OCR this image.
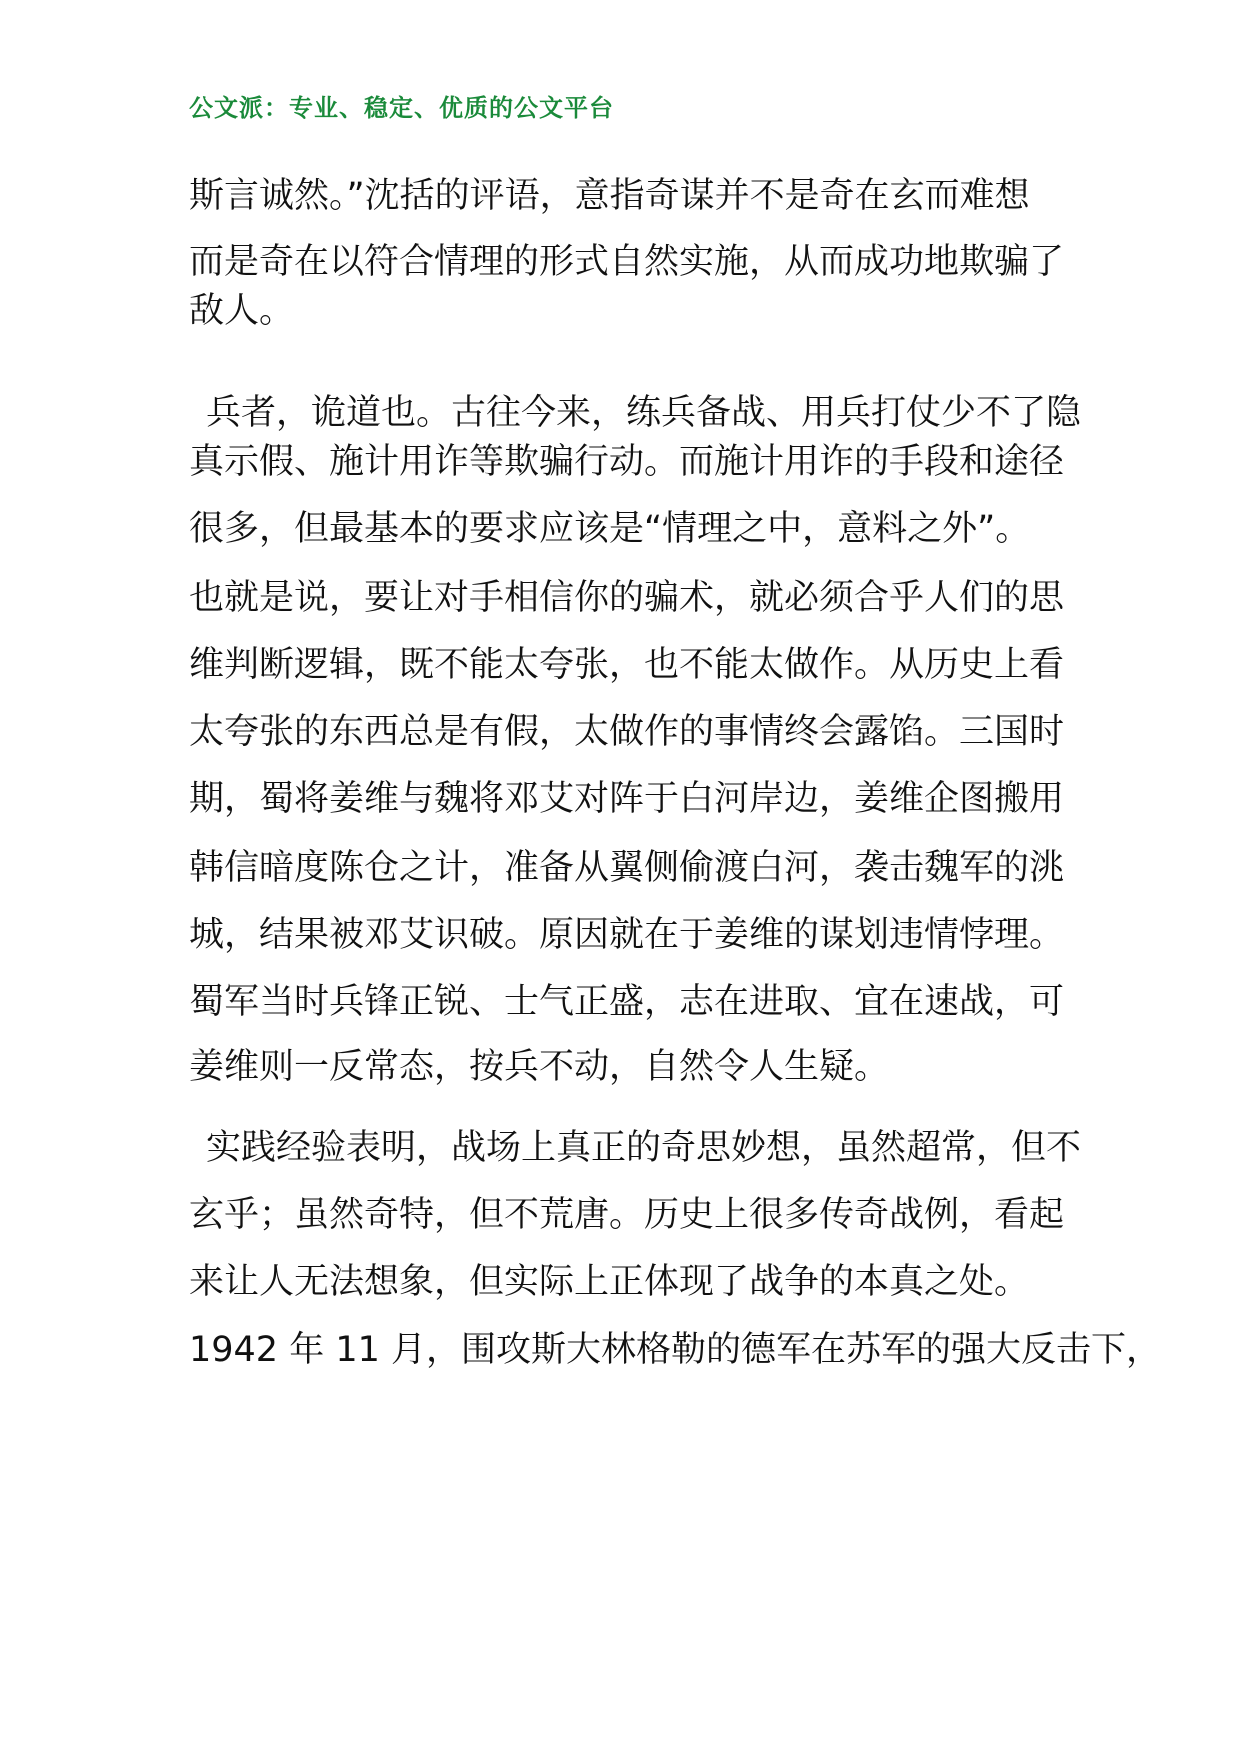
公文派：专业、稳定、优质的公文平台
斯言诚然。”沈括的评语，意指奇谋并不是奇在玄而难想
而是奇在以符合情理的形式自然实施，从而成功地欺骗了
敌人。
兵者，诡道也。古往今来，练兵备战、用兵打仗少不了隐
真示假、施计用诈等欺骗行动。而施计用诈的手段和途径
很多，但最基本的要求应该是“情理之中，意料之外”。
也就是说，要让对手相信你的骗术，就必须合乎人们的思
维判断逻辑，既不能太夸张，也不能太做作。从历史上看
太夸张的东西总是有假，太做作的事情终会露馅。三国时
期，蜀将姜维与魏将邓艾对阵于白河岸边，姜维企图搬用
韩信暗度陈仓之计，准备从翼侧偷渡白河，袭击魏军的洮
城，结果被邓艾识破。原因就在于姜维的谋划违情悖理。
蜀军当时兵锋正锐、士气正盛，志在进取、宜在速战，可
姜维则一反常态，按兵不动，自然令人生疑。
实践经验表明，战场上真正的奇思妙想，虽然超常，但不
玄乎；虽然奇特，但不荒唐。历史上很多传奇战例，看起
来让人无法想象，但实际上正体现了战争的本真之处。
1942 年 11 月，围攻斯大林格勒的德军在苏军的强大反击下，
